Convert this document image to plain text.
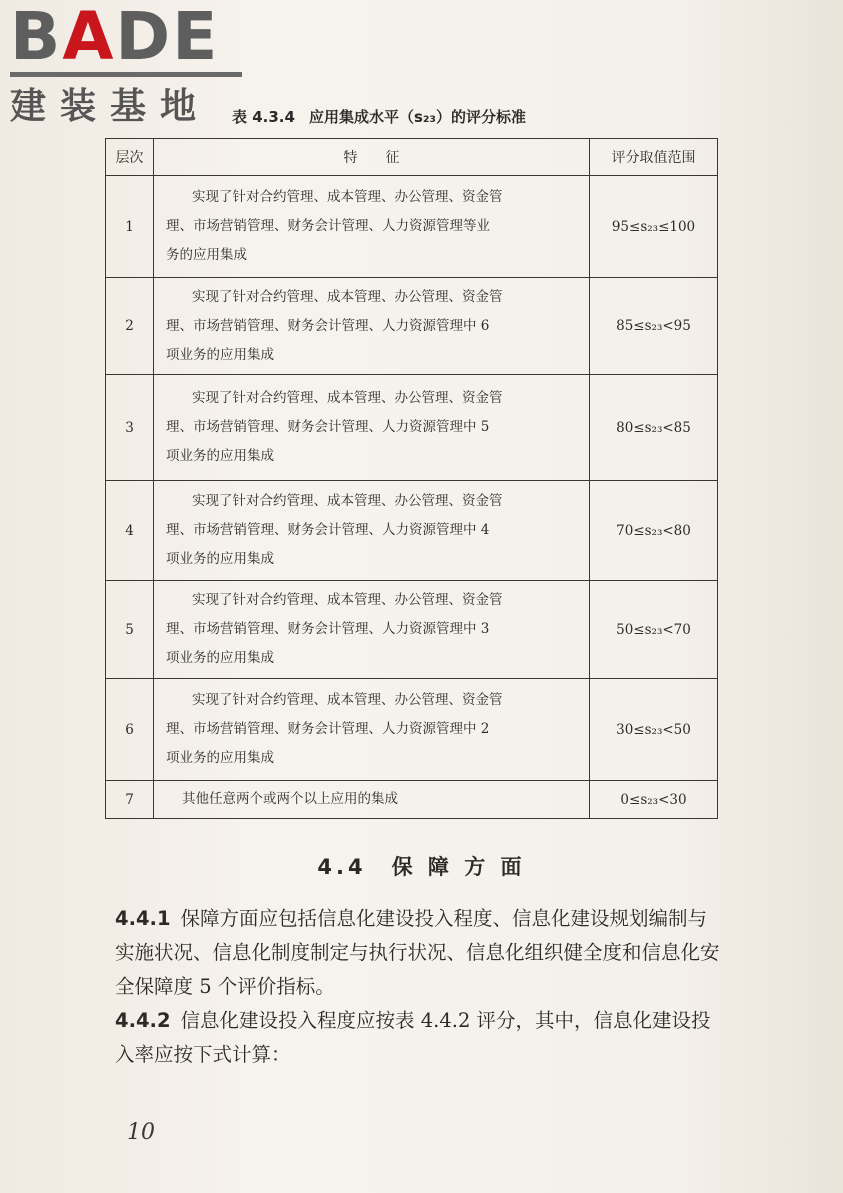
BADE
建装基地	表 4.3.4 应用集成水平（s₂₃）的评分标准
层次	特　　征	评分取值范围
1	实现了针对合约管理、成本管理、办公管理、资金管
理、市场营销管理、财务会计管理、人力资源管理等业
务的应用集成	95≤s₂₃≤100
2	实现了针对合约管理、成本管理、办公管理、资金管
理、市场营销管理、财务会计管理、人力资源管理中 6
项业务的应用集成	85≤s₂₃<95
3	实现了针对合约管理、成本管理、办公管理、资金管
理、市场营销管理、财务会计管理、人力资源管理中 5
项业务的应用集成	80≤s₂₃<85
4	实现了针对合约管理、成本管理、办公管理、资金管
理、市场营销管理、财务会计管理、人力资源管理中 4
项业务的应用集成	70≤s₂₃<80
5	实现了针对合约管理、成本管理、办公管理、资金管
理、市场营销管理、财务会计管理、人力资源管理中 3
项业务的应用集成	50≤s₂₃<70
6	实现了针对合约管理、成本管理、办公管理、资金管
理、市场营销管理、财务会计管理、人力资源管理中 2
项业务的应用集成	30≤s₂₃<50
7	其他任意两个或两个以上应用的集成	0≤s₂₃<30
4.4　保 障 方 面
4.4.1 保障方面应包括信息化建设投入程度、信息化建设规划编制与实施状况、信息化制度制定与执行状况、信息化组织健全度和信息化安全保障度 5 个评价指标。
4.4.2 信息化建设投入程度应按表 4.4.2 评分，其中，信息化建设投入率应按下式计算：
10
